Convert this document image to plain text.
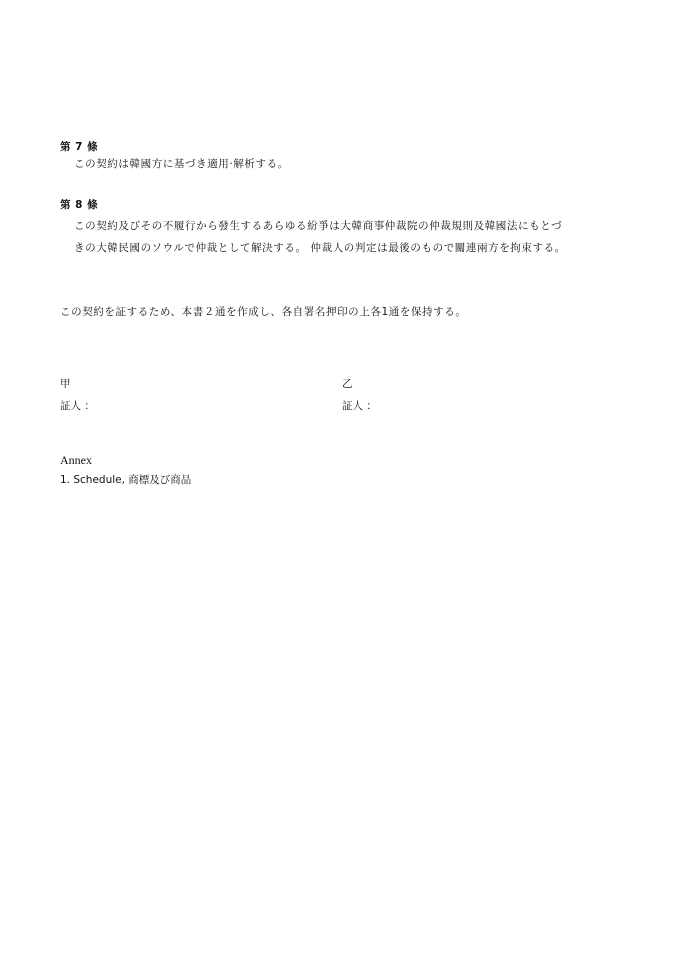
第 7 條

この契約は韓國方に基づき適用·解析する。

第 8 條

この契約及びその不履行から發生するあらゆる紛爭は大韓商事仲裁院の仲裁規則及韓國法にもとづ
きの大韓民國のソウルで仲裁として解決する。 仲裁人の判定は最後のもので關連兩方を拘束する。

この契約を証するため、本書２通を作成し、各自署名押印の上各1通を保持する。

甲	乙
証人 ：	証人 ：
Annex
1. Schedule, 商標及び商品
